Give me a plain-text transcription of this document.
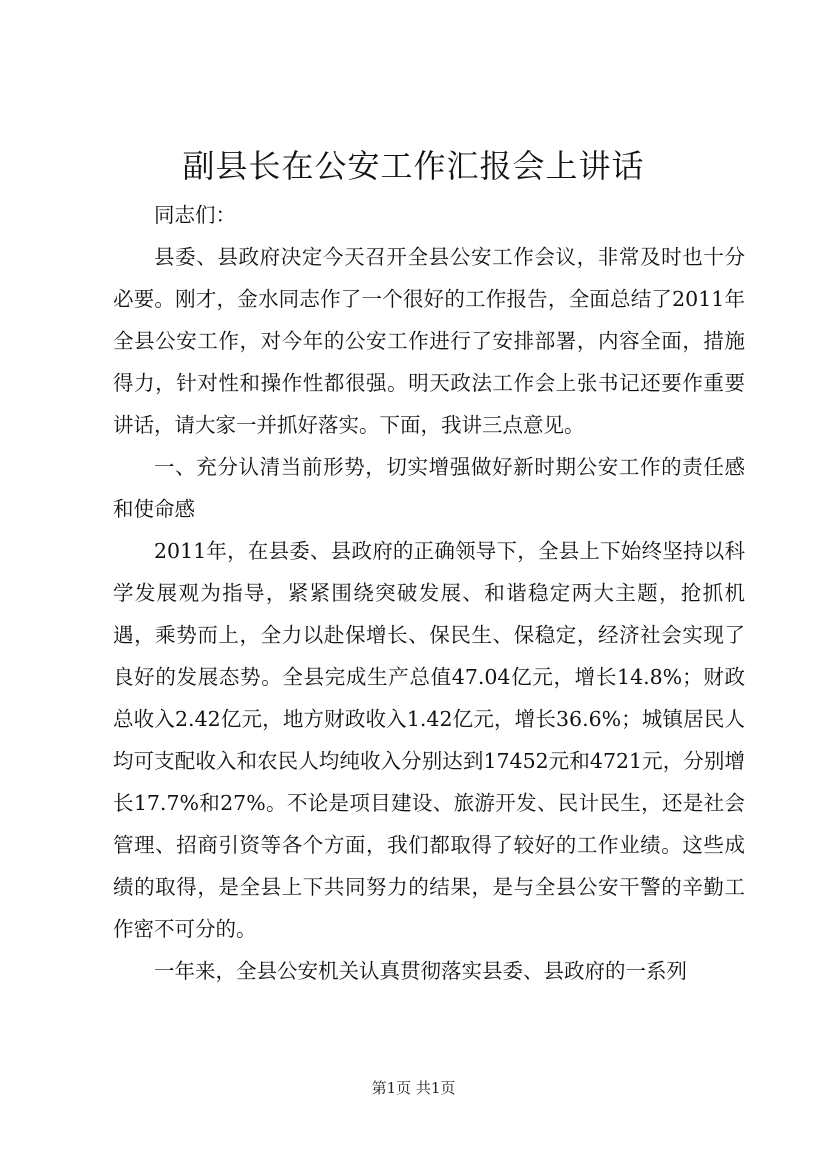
副县长在公安工作汇报会上讲话

同志们：

县委、县政府决定今天召开全县公安工作会议，非常及时也十分必要。刚才，金水同志作了一个很好的工作报告，全面总结了2011年全县公安工作，对今年的公安工作进行了安排部署，内容全面，措施得力，针对性和操作性都很强。明天政法工作会上张书记还要作重要讲话，请大家一并抓好落实。下面，我讲三点意见。

一、充分认清当前形势，切实增强做好新时期公安工作的责任感和使命感

2011年，在县委、县政府的正确领导下，全县上下始终坚持以科学发展观为指导，紧紧围绕突破发展、和谐稳定两大主题，抢抓机遇，乘势而上，全力以赴保增长、保民生、保稳定，经济社会实现了良好的发展态势。全县完成生产总值47.04亿元，增长14.8%；财政总收入2.42亿元，地方财政收入1.42亿元，增长36.6%；城镇居民人均可支配收入和农民人均纯收入分别达到17452元和4721元，分别增长17.7%和27%。不论是项目建设、旅游开发、民计民生，还是社会管理、招商引资等各个方面，我们都取得了较好的工作业绩。这些成绩的取得，是全县上下共同努力的结果，是与全县公安干警的辛勤工作密不可分的。

一年来，全县公安机关认真贯彻落实县委、县政府的一系列

第1页 共1页
